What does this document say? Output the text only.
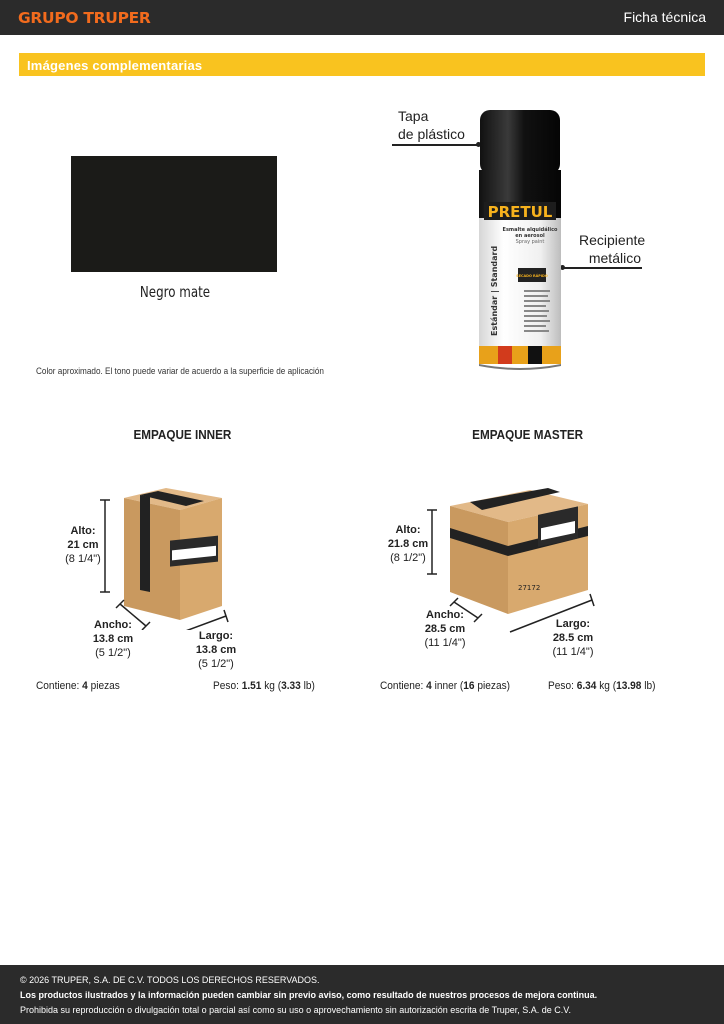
GRUPO TRUPER	Ficha técnica
Imágenes complementarias
Negro mate
Color aproximado. El tono puede variar de acuerdo a la superficie de aplicación
Tapa
de plástico
Recipiente
metálico
PRETUL
Esmalte alquidálico
en aerosol
Spray paint
Estándar | Standard	SECADO RÁPIDO
EMPAQUE INNER	EMPAQUE MASTER
Alto:
21 cm
(8 1/4")
Ancho:
13.8 cm
(5 1/2")
Largo:
13.8 cm
(5 1/2")
27172
Alto:
21.8 cm
(8 1/2")
Ancho:
28.5 cm
(11 1/4")
Largo:
28.5 cm
(11 1/4")
Contiene: 4 piezas	Peso: 1.51 kg (3.33 lb)	Contiene: 4 inner (16 piezas)	Peso: 6.34 kg (13.98 lb)
© 2026 TRUPER, S.A. DE C.V. TODOS LOS DERECHOS RESERVADOS.
Los productos ilustrados y la información pueden cambiar sin previo aviso, como resultado de nuestros procesos de mejora continua.
Prohibida su reproducción o divulgación total o parcial así como su uso o aprovechamiento sin autorización escrita de Truper, S.A. de C.V.
